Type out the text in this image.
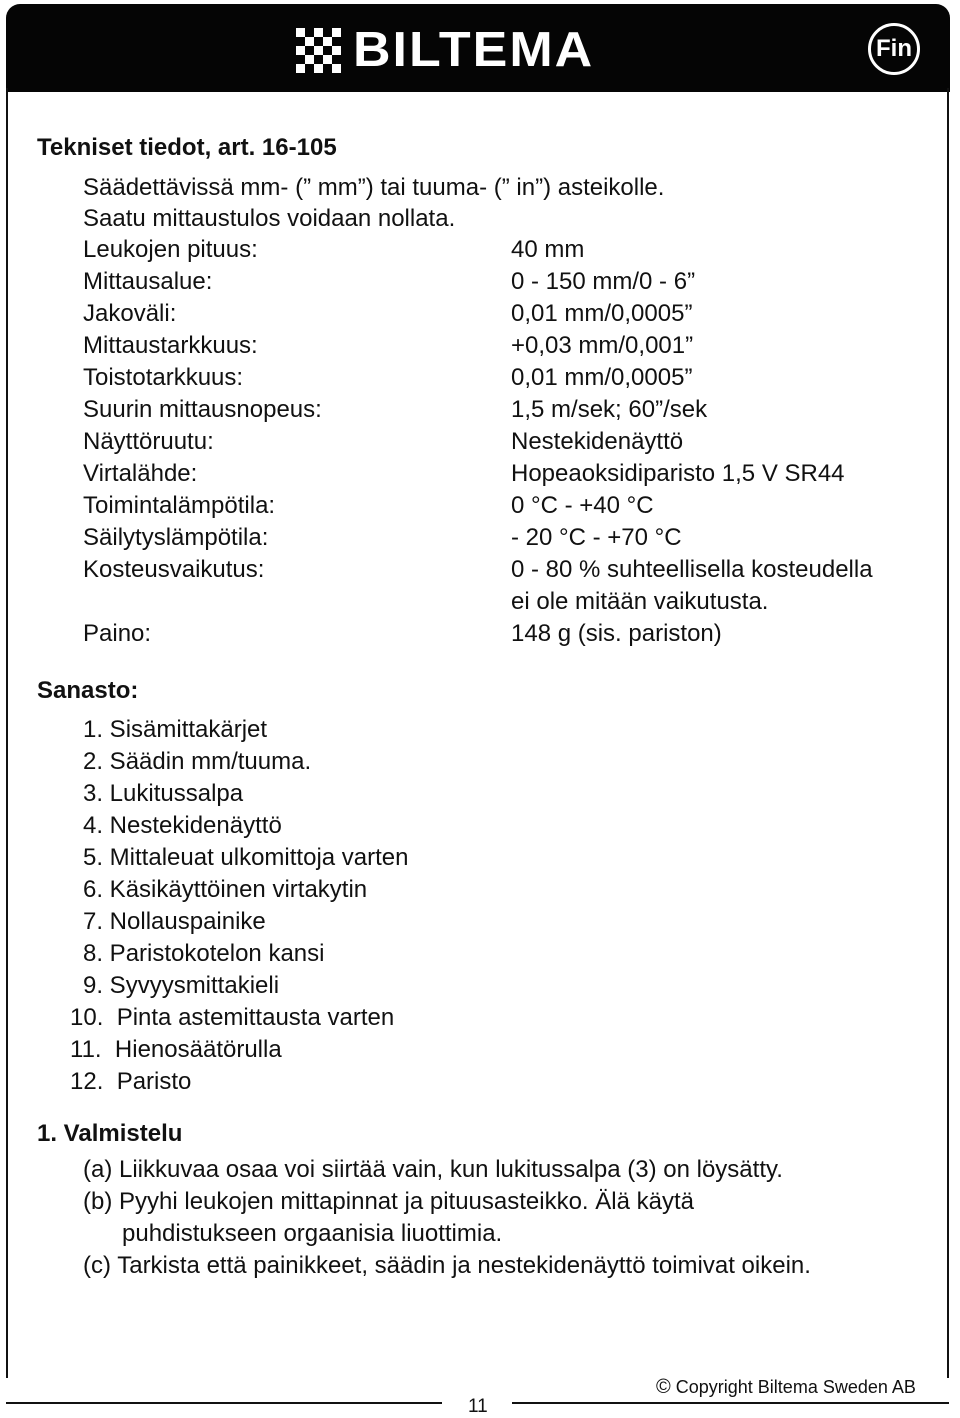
BILTEMA	Fin
Tekniset tiedot, art. 16-105
Säädettävissä mm- (” mm”) tai tuuma- (” in”) asteikolle.
Saatu mittaustulos voidaan nollata.
Leukojen pituus:	40 mm
Mittausalue:	0 - 150 mm/0 - 6”
Jakoväli:	0,01 mm/0,0005”
Mittaustarkkuus:	+0,03 mm/0,001”
Toistotarkkuus:	0,01 mm/0,0005”
Suurin mittausnopeus:	1,5 m/sek; 60”/sek
Näyttöruutu:	Nestekidenäyttö
Virtalähde:	Hopeaoksidiparisto 1,5 V SR44
Toimintalämpötila:	0 °C - +40 °C
Säilytyslämpötila:	- 20 °C - +70 °C
Kosteusvaikutus:	0 - 80 % suhteellisella kosteudella
ei ole mitään vaikutusta.
Paino:	148 g (sis. pariston)
Sanasto:
1. Sisämittakärjet
2. Säädin mm/tuuma.
3. Lukitussalpa
4. Nestekidenäyttö
5. Mittaleuat ulkomittoja varten
6. Käsikäyttöinen virtakytin
7. Nollauspainike
8. Paristokotelon kansi
9. Syvyysmittakieli
10.  Pinta astemittausta varten
11.  Hienosäätörulla
12.  Paristo
1. Valmistelu
(a) Liikkuvaa osaa voi siirtää vain, kun lukitussalpa (3) on löysätty.
(b) Pyyhi leukojen mittapinnat ja pituusasteikko. Älä käytä
puhdistukseen orgaanisia liuottimia.
(c) Tarkista että painikkeet, säädin ja nestekidenäyttö toimivat oikein.
© Copyright Biltema Sweden AB
11
